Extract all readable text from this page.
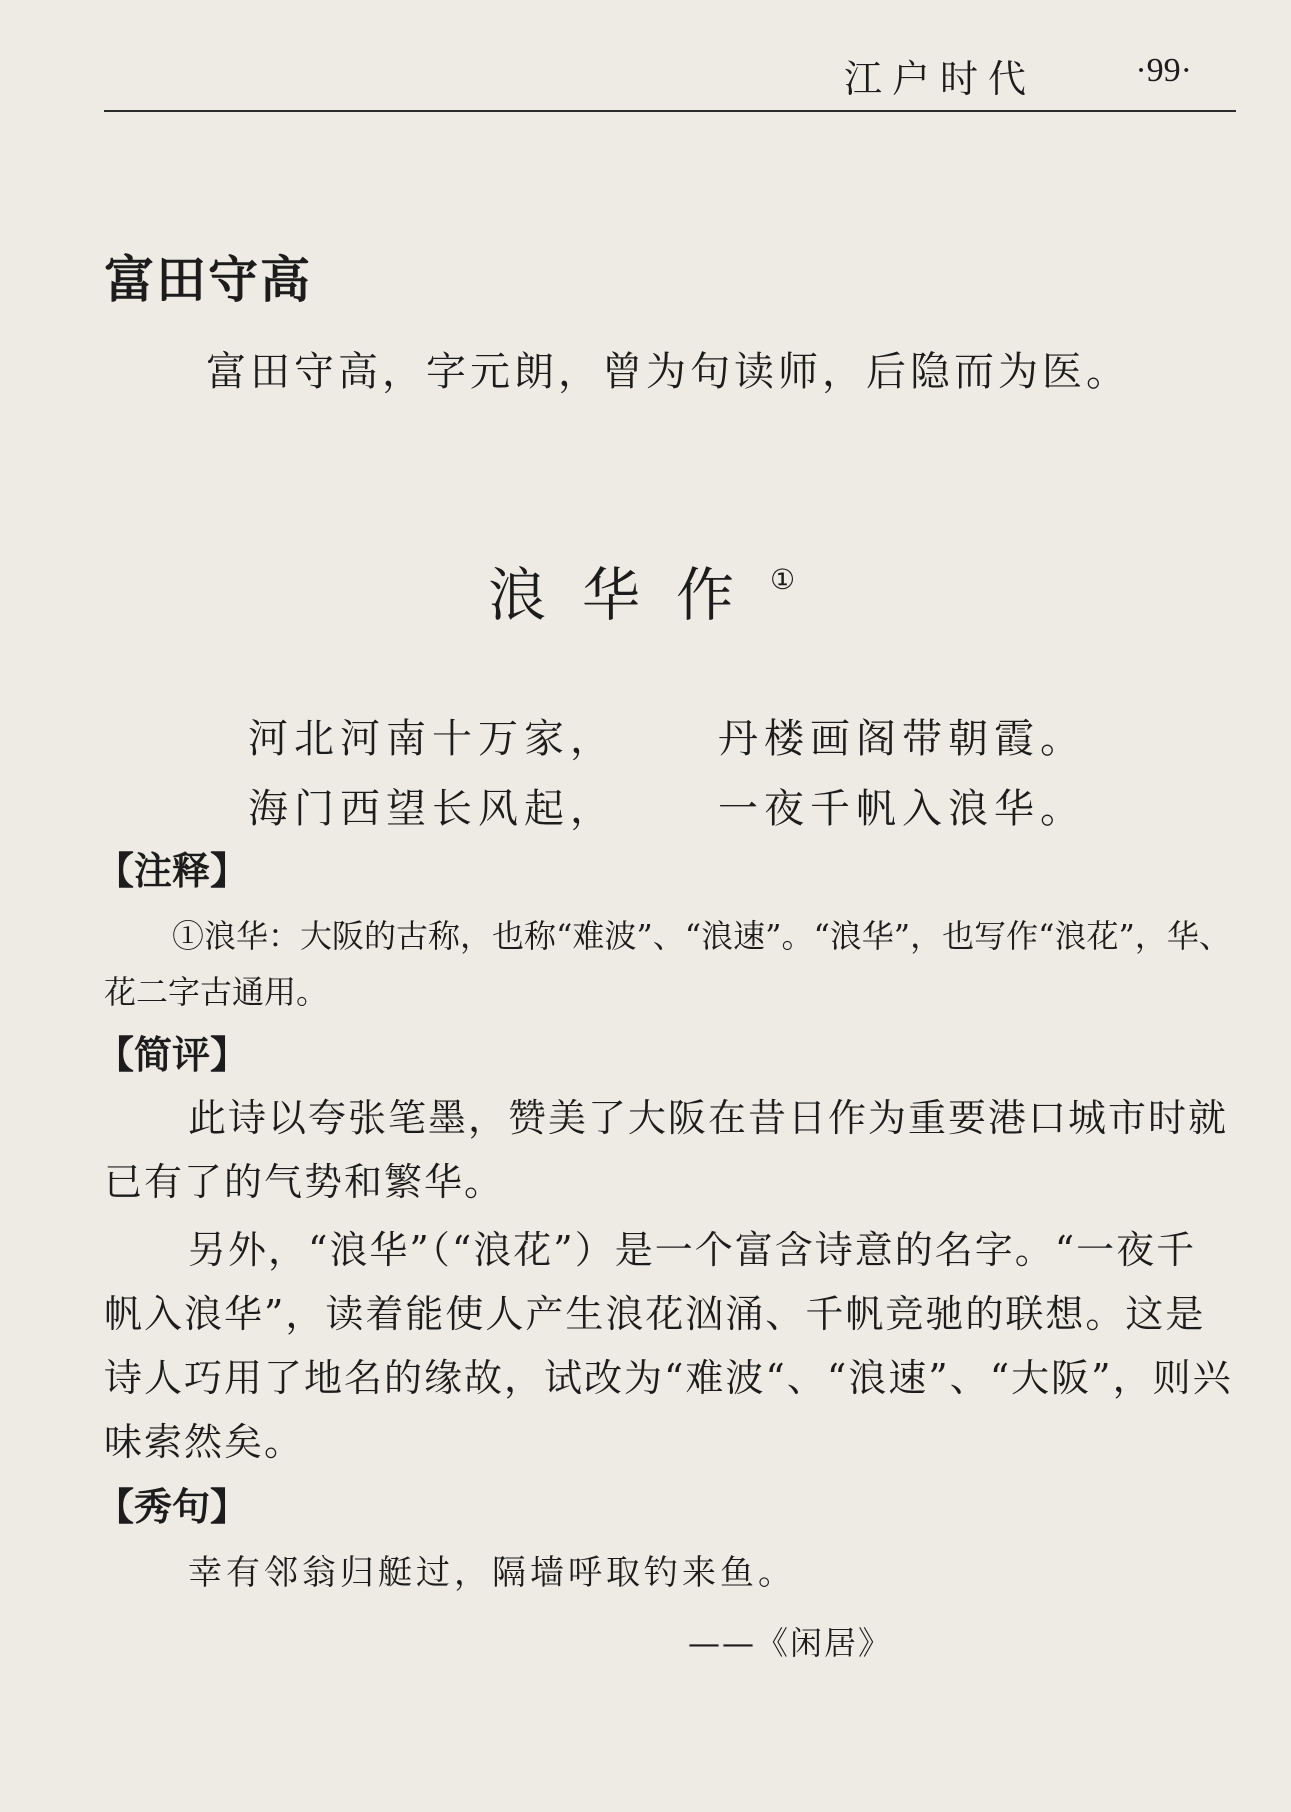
江户时代	·99·
富田守高
富田守高，字元朗，曾为句读师，后隐而为医。
浪华作①
河北河南十万家，	丹楼画阁带朝霞。
海门西望长风起，	一夜千帆入浪华。
【注释】
①浪华：大阪的古称，也称“难波”、“浪速”。“浪华”，也写作“浪花”，华、花二字古通用。
【简评】
此诗以夸张笔墨，赞美了大阪在昔日作为重要港口城市时就已有了的气势和繁华。
另外，“浪华”（“浪花”）是一个富含诗意的名字。“一夜千帆入浪华”，读着能使人产生浪花汹涌、千帆竞驰的联想。这是诗人巧用了地名的缘故，试改为“难波“、“浪速”、“大阪”，则兴味索然矣。
【秀句】
幸有邻翁归艇过，隔墙呼取钓来鱼。
——《闲居》
